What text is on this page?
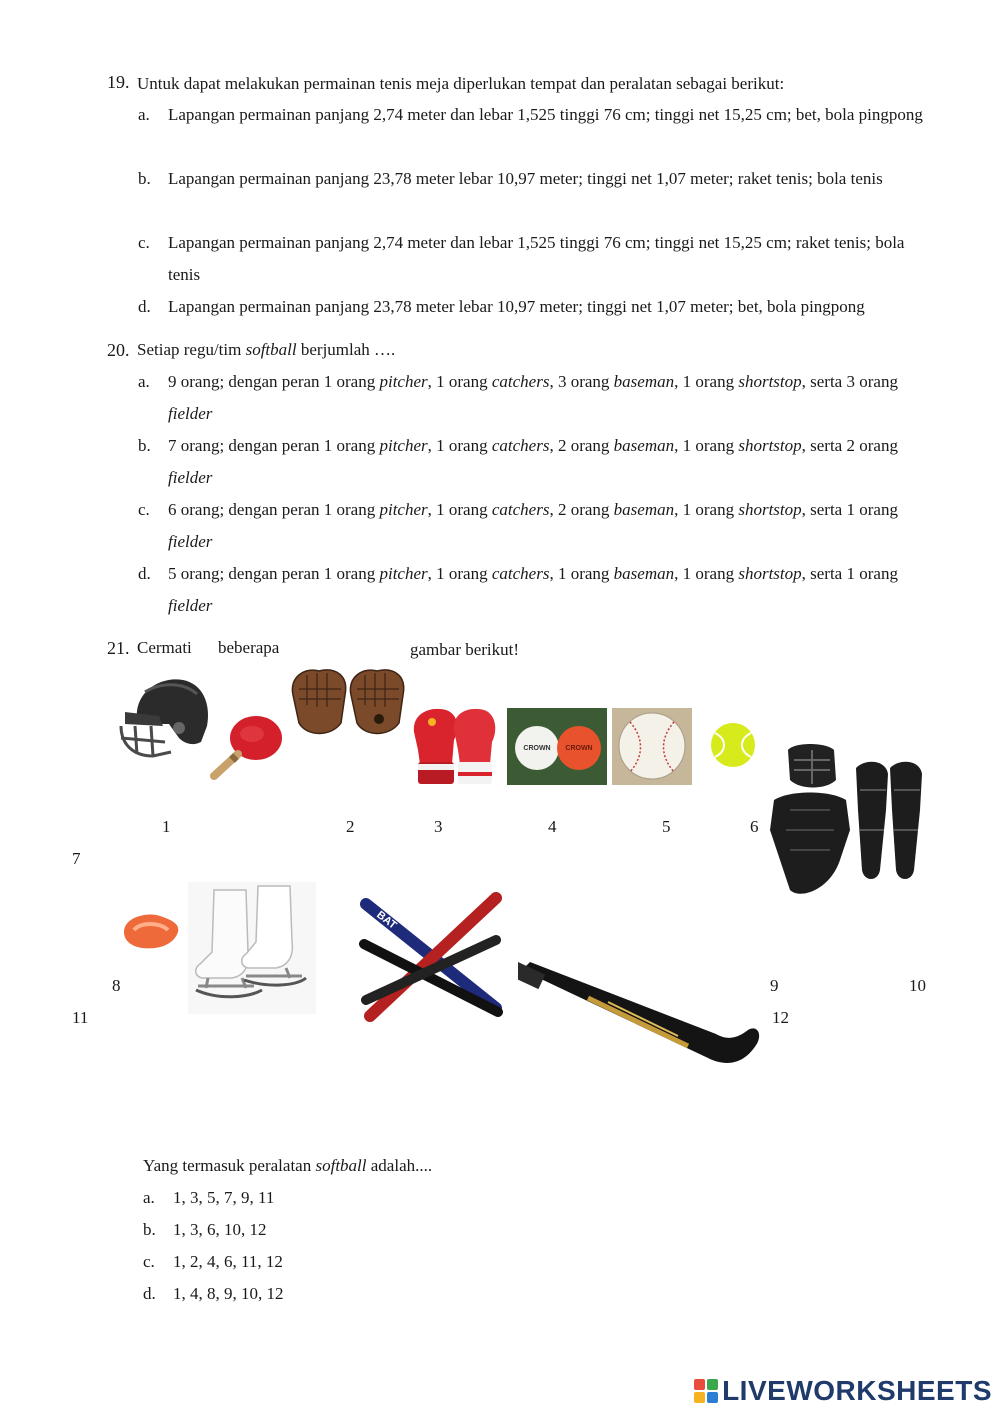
19. Untuk dapat melakukan permainan tenis meja diperlukan tempat dan peralatan sebagai berikut:
a. Lapangan permainan panjang 2,74 meter dan lebar 1,525 tinggi 76 cm; tinggi net 15,25 cm; bet, bola pingpong
b. Lapangan permainan panjang 23,78 meter lebar 10,97 meter; tinggi net 1,07 meter; raket tenis; bola tenis
c. Lapangan permainan panjang 2,74 meter dan lebar 1,525 tinggi 76 cm; tinggi net 15,25 cm; raket tenis; bola tenis
d. Lapangan permainan panjang 23,78 meter lebar 10,97 meter; tinggi net 1,07 meter; bet, bola pingpong
20. Setiap regu/tim softball berjumlah ….
a. 9 orang; dengan peran 1 orang pitcher, 1 orang catchers, 3 orang baseman, 1 orang shortstop, serta 3 orang fielder
b. 7 orang; dengan peran 1 orang pitcher, 1 orang catchers, 2 orang baseman, 1 orang shortstop, serta 2 orang fielder
c. 6 orang; dengan peran 1 orang pitcher, 1 orang catchers, 2 orang baseman, 1 orang shortstop, serta 1 orang fielder
d. 5 orang; dengan peran 1 orang pitcher, 1 orang catchers, 1 orang baseman, 1 orang shortstop, serta 1 orang fielder
21. Cermati beberapa	gambar berikut!
CROWN CROWN
1	2	3	4	5	6
7
BAT
8	9	10
11	12
Yang termasuk peralatan softball adalah....
a. 1, 3, 5, 7, 9, 11
b. 1, 3, 6, 10, 12
c. 1, 2, 4, 6, 11, 12
d. 1, 4, 8, 9, 10, 12
LIVEWORKSHEETS
